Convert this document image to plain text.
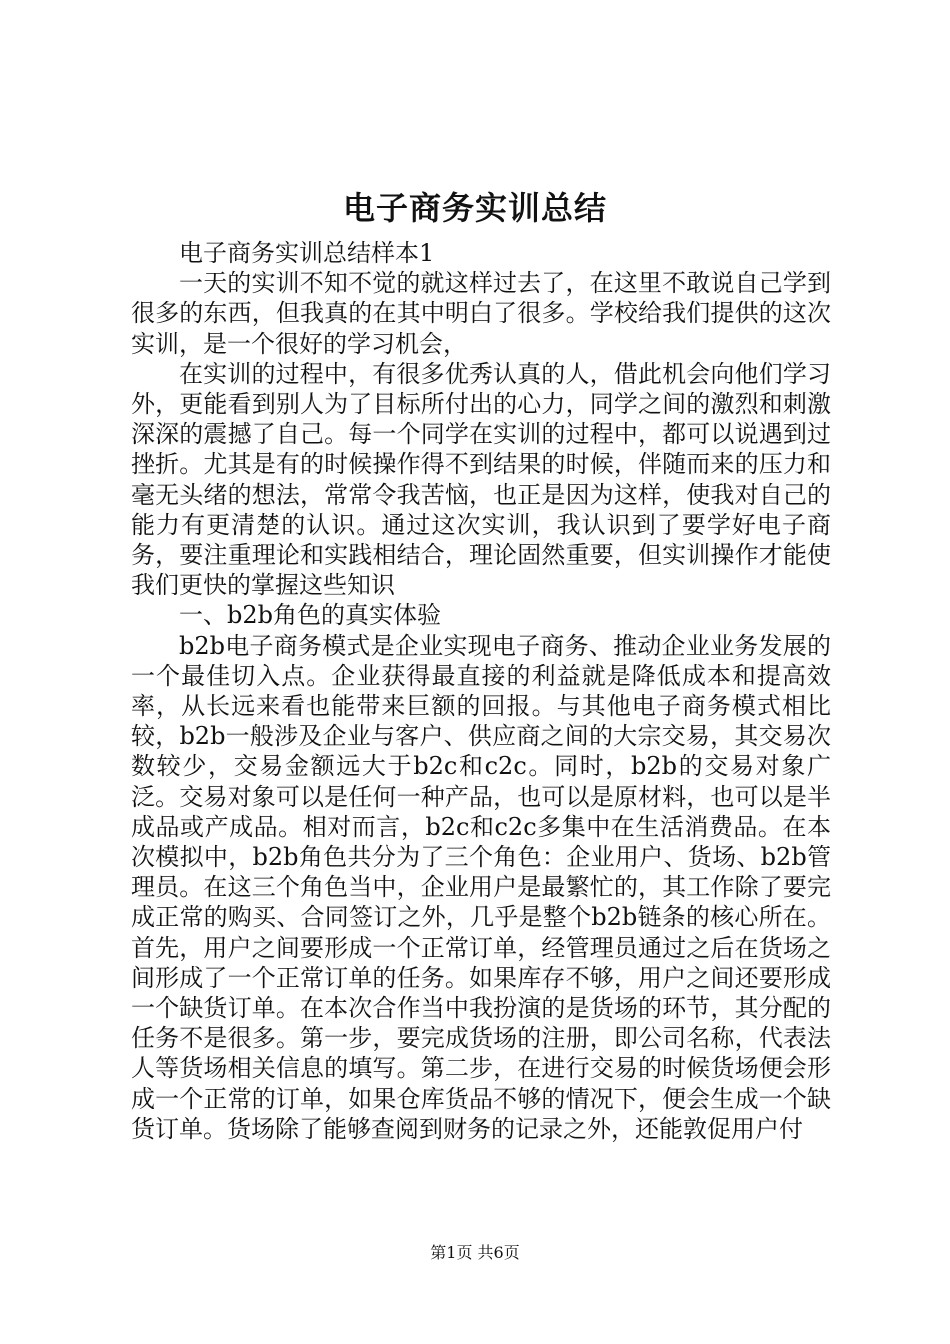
电子商务实训总结

电子商务实训总结样本1

一天的实训不知不觉的就这样过去了，在这里不敢说自己学到很多的东西，但我真的在其中明白了很多。学校给我们提供的这次实训，是一个很好的学习机会，

在实训的过程中，有很多优秀认真的人，借此机会向他们学习外，更能看到别人为了目标所付出的心力，同学之间的激烈和刺激深深的震撼了自己。每一个同学在实训的过程中，都可以说遇到过挫折。尤其是有的时候操作得不到结果的时候，伴随而来的压力和毫无头绪的想法，常常令我苦恼，也正是因为这样，使我对自己的能力有更清楚的认识。通过这次实训，我认识到了要学好电子商务，要注重理论和实践相结合，理论固然重要，但实训操作才能使我们更快的掌握这些知识

一、b2b角色的真实体验

b2b电子商务模式是企业实现电子商务、推动企业业务发展的一个最佳切入点。企业获得最直接的利益就是降低成本和提高效率，从长远来看也能带来巨额的回报。与其他电子商务模式相比较，b2b一般涉及企业与客户、供应商之间的大宗交易，其交易次数较少，交易金额远大于b2c和c2c。同时，b2b的交易对象广泛。交易对象可以是任何一种产品，也可以是原材料，也可以是半成品或产成品。相对而言，b2c和c2c多集中在生活消费品。在本次模拟中，b2b角色共分为了三个角色：企业用户、货场、b2b管理员。在这三个角色当中，企业用户是最繁忙的，其工作除了要完成正常的购买、合同签订之外，几乎是整个b2b链条的核心所在。首先，用户之间要形成一个正常订单，经管理员通过之后在货场之间形成了一个正常订单的任务。如果库存不够，用户之间还要形成一个缺货订单。在本次合作当中我扮演的是货场的环节，其分配的任务不是很多。第一步，要完成货场的注册，即公司名称，代表法人等货场相关信息的填写。第二步，在进行交易的时候货场便会形成一个正常的订单，如果仓库货品不够的情况下，便会生成一个缺货订单。货场除了能够查阅到财务的记录之外，还能敦促用户付

第1页 共6页
